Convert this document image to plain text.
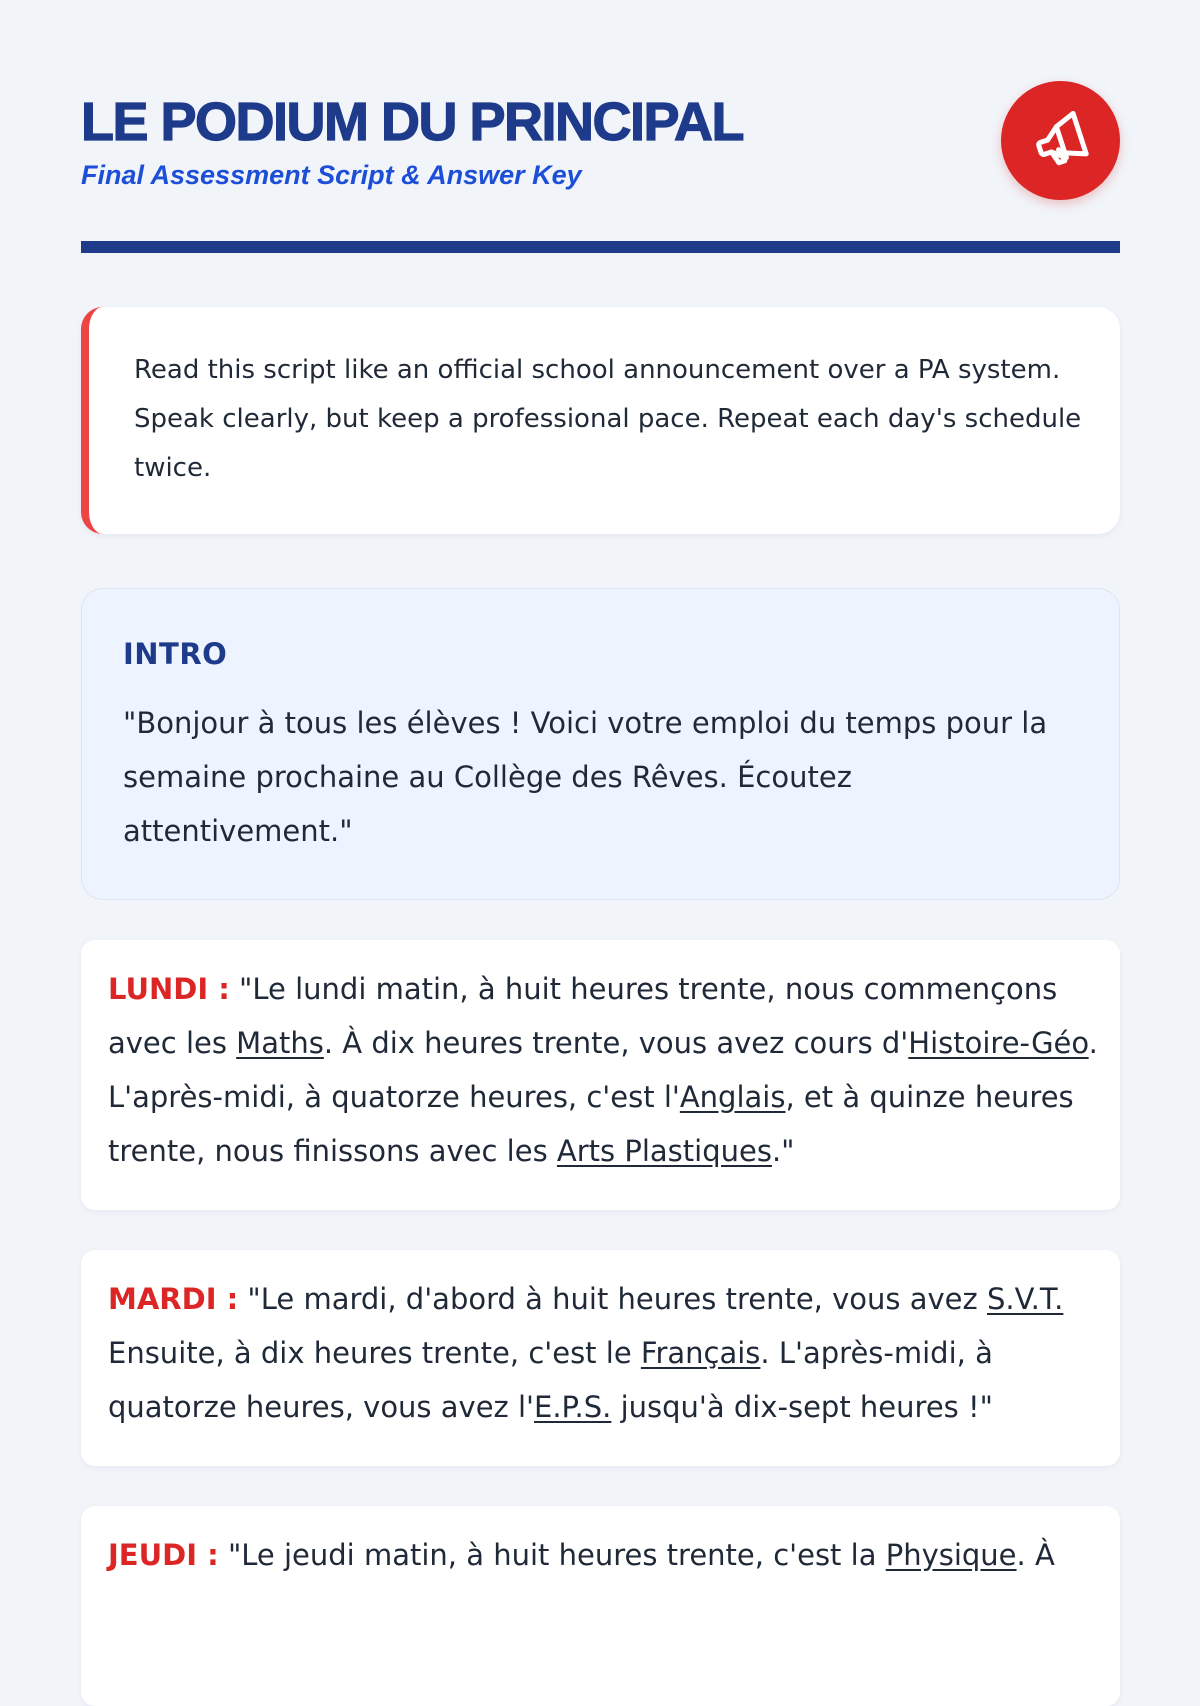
LE PODIUM DU PRINCIPAL
Final Assessment Script & Answer Key
Read this script like an official school announcement over a PA system. Speak clearly, but keep a professional pace. Repeat each day's schedule twice.
INTRO
"Bonjour à tous les élèves ! Voici votre emploi du temps pour la semaine prochaine au Collège des Rêves. Écoutez attentivement."
LUNDI : "Le lundi matin, à huit heures trente, nous commençons avec les Maths. À dix heures trente, vous avez cours d'Histoire-Géo. L'après-midi, à quatorze heures, c'est l'Anglais, et à quinze heures trente, nous finissons avec les Arts Plastiques."
MARDI : "Le mardi, d'abord à huit heures trente, vous avez S.V.T. Ensuite, à dix heures trente, c'est le Français. L'après-midi, à quatorze heures, vous avez l'E.P.S. jusqu'à dix-sept heures !"
JEUDI : "Le jeudi matin, à huit heures trente, c'est la Physique. À
